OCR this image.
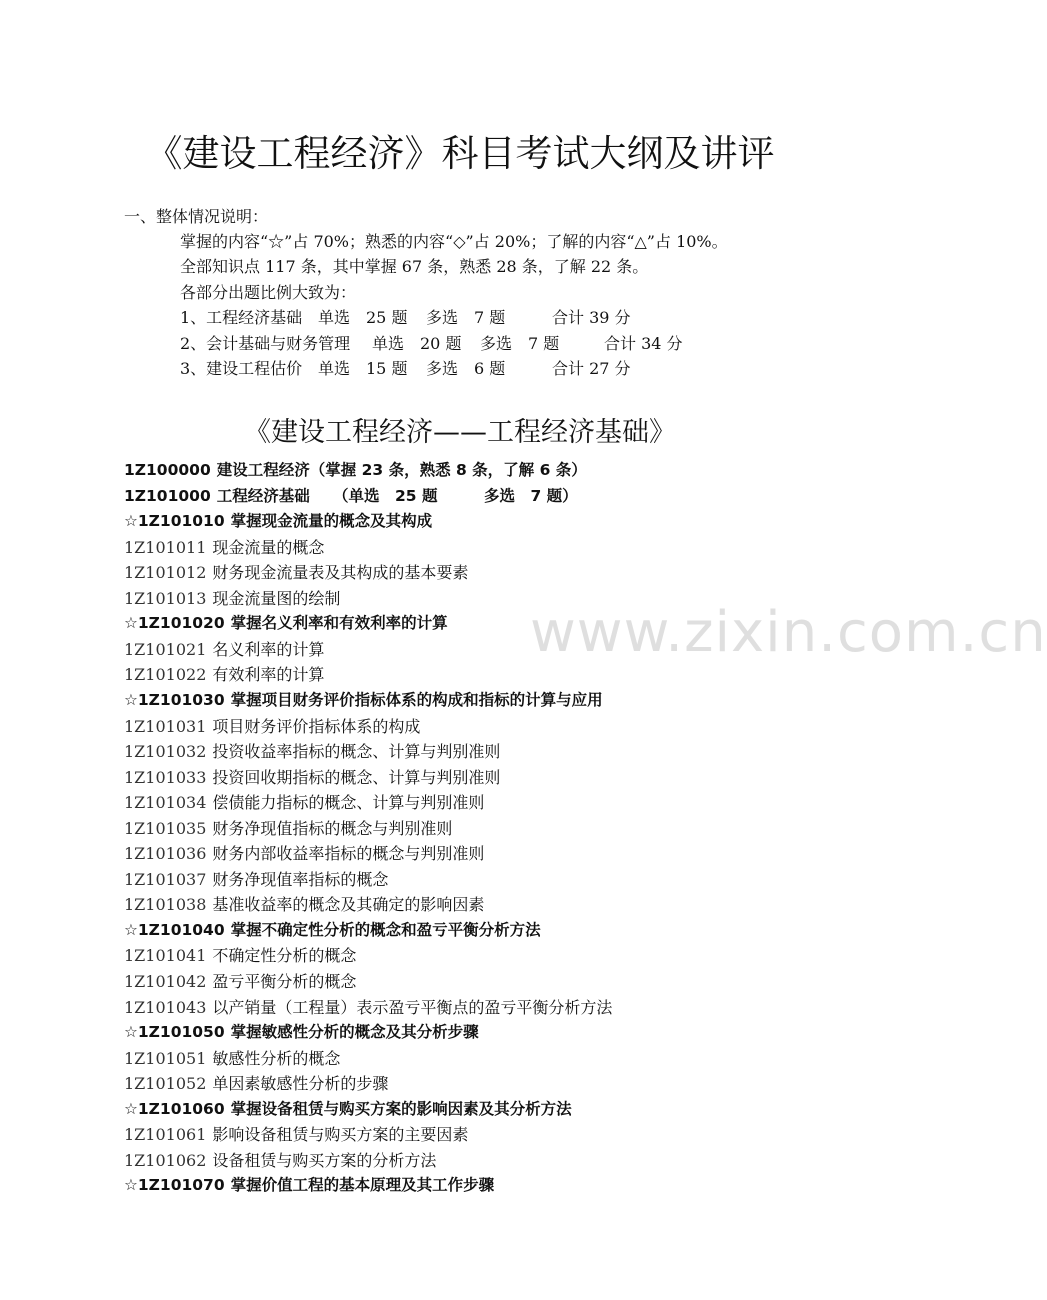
《建设工程经济》科目考试大纲及讲评
一、整体情况说明：
掌握的内容“☆”占 70%；熟悉的内容“◇”占 20%；了解的内容“△”占 10%。
全部知识点 117 条，其中掌握 67 条，熟悉 28 条，了解 22 条。
各部分出题比例大致为：
1、工程经济基础 单选　25 题 多选　7 题	合计 39 分
2、会计基础与财务管理 单选　20 题 多选　7 题	合计 34 分
3、建设工程估价 单选　15 题 多选　6 题	合计 27 分
《建设工程经济——工程经济基础》
1Z100000 建设工程经济（掌握 23 条，熟悉 8 条，了解 6 条）
1Z101000 工程经济基础　　（单选　25 题　　　多选　7 题）
☆1Z101010 掌握现金流量的概念及其构成
1Z101011 现金流量的概念
1Z101012 财务现金流量表及其构成的基本要素
1Z101013 现金流量图的绘制
☆1Z101020 掌握名义利率和有效利率的计算
1Z101021 名义利率的计算
1Z101022 有效利率的计算
☆1Z101030 掌握项目财务评价指标体系的构成和指标的计算与应用
1Z101031 项目财务评价指标体系的构成
1Z101032 投资收益率指标的概念、计算与判别准则
1Z101033 投资回收期指标的概念、计算与判别准则
1Z101034 偿债能力指标的概念、计算与判别准则
1Z101035 财务净现值指标的概念与判别准则
1Z101036 财务内部收益率指标的概念与判别准则
1Z101037 财务净现值率指标的概念
1Z101038 基准收益率的概念及其确定的影响因素
☆1Z101040 掌握不确定性分析的概念和盈亏平衡分析方法
1Z101041 不确定性分析的概念
1Z101042 盈亏平衡分析的概念
1Z101043 以产销量（工程量）表示盈亏平衡点的盈亏平衡分析方法
☆1Z101050 掌握敏感性分析的概念及其分析步骤
1Z101051 敏感性分析的概念
1Z101052 单因素敏感性分析的步骤
☆1Z101060 掌握设备租赁与购买方案的影响因素及其分析方法
1Z101061 影响设备租赁与购买方案的主要因素
1Z101062 设备租赁与购买方案的分析方法
☆1Z101070 掌握价值工程的基本原理及其工作步骤
www.zixin.com.cn
